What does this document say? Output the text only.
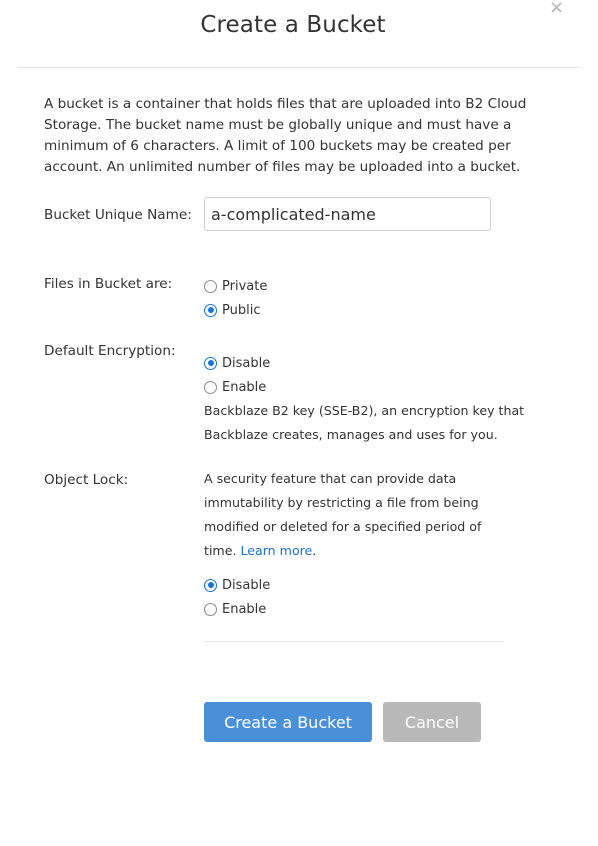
Create a Bucket
×
A bucket is a container that holds files that are uploaded into B2 Cloud Storage. The bucket name must be globally unique and must have a minimum of 6 characters. A limit of 100 buckets may be created per account. An unlimited number of files may be uploaded into a bucket.
Bucket Unique Name:
a-complicated-name
Files in Bucket are:	Private
Public
Default Encryption:
Disable
Enable
Backblaze B2 key (SSE-B2), an encryption key that
Backblaze creates, manages and uses for you.
Object Lock:	A security feature that can provide data
immutability by restricting a file from being
modified or deleted for a specified period of
time. Learn more.
Disable
Enable
Create a Bucket	Cancel
